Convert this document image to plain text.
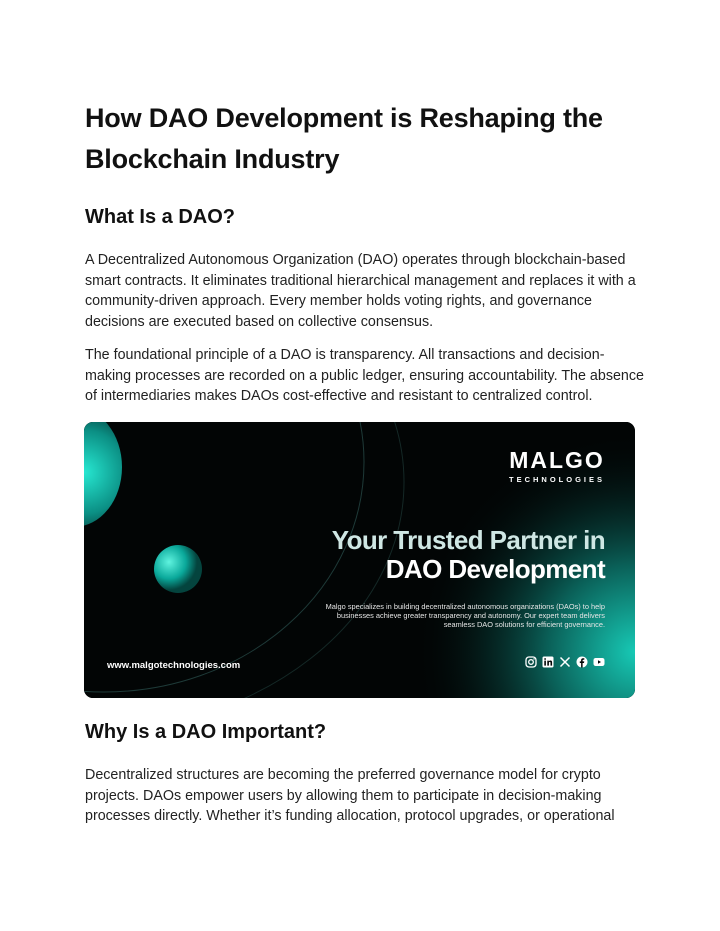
How DAO Development is Reshaping the Blockchain Industry
What Is a DAO?

A Decentralized Autonomous Organization (DAO) operates through blockchain-based smart contracts. It eliminates traditional hierarchical management and replaces it with a community-driven approach. Every member holds voting rights, and governance decisions are executed based on collective consensus.

The foundational principle of a DAO is transparency. All transactions and decision-making processes are recorded on a public ledger, ensuring accountability. The absence of intermediaries makes DAOs cost-effective and resistant to centralized control.

MALGO
TECHNOLOGIES
Your Trusted Partner in
DAO Development
Malgo specializes in building decentralized autonomous organizations (DAOs) to help businesses achieve greater transparency and autonomy. Our expert team delivers seamless DAO solutions for efficient governance.
www.malgotechnologies.com
Why Is a DAO Important?

Decentralized structures are becoming the preferred governance model for crypto projects. DAOs empower users by allowing them to participate in decision-making processes directly. Whether it’s funding allocation, protocol upgrades, or operational
